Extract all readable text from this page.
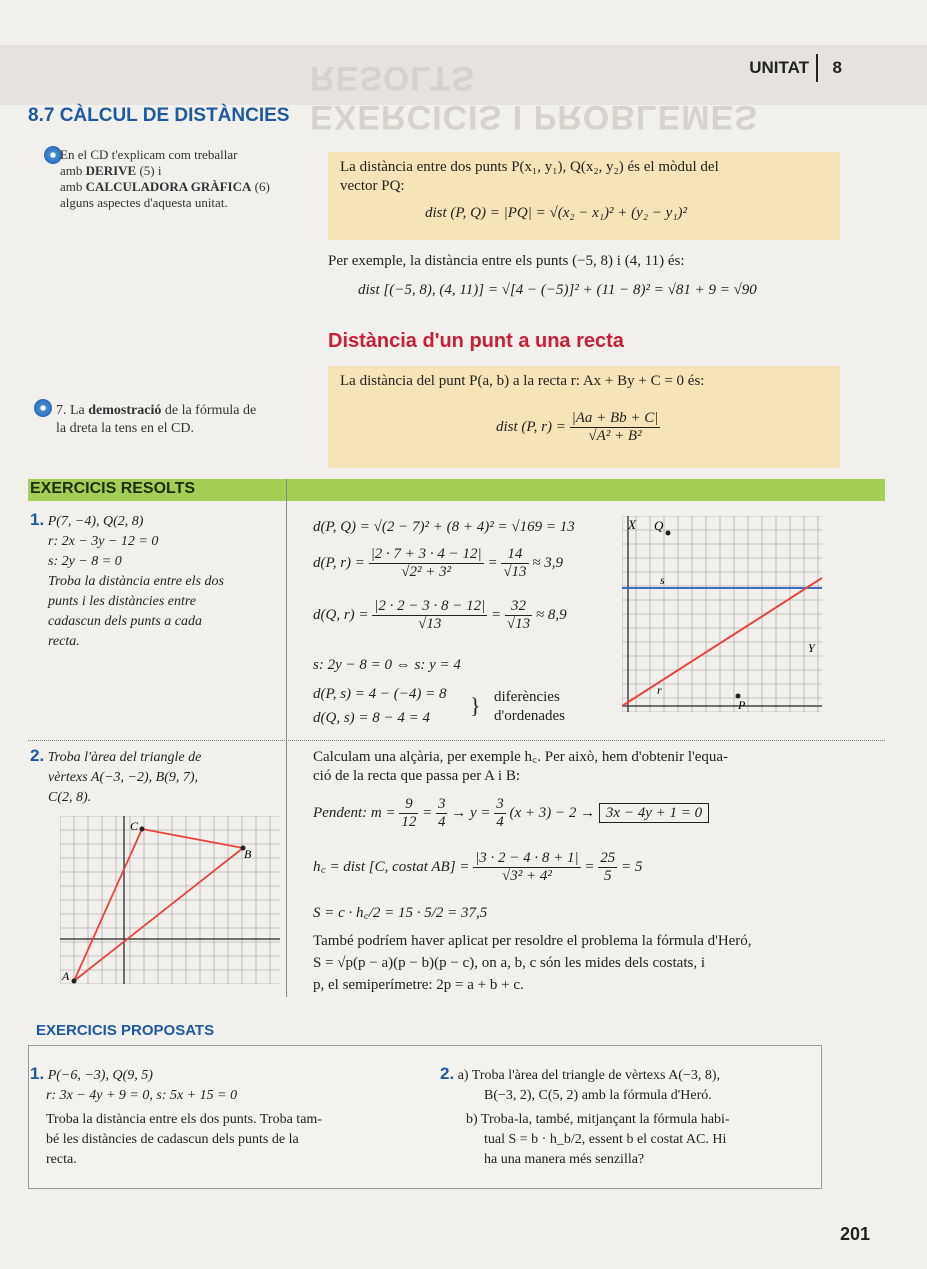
EXERCICIS I PROBLEMES RESOLTS	UNITAT 8
8.7 CÀLCUL DE DISTÀNCIES
En el CD t'explicam com treballar
amb DERIVE (5) i
amb CALCULADORA GRÀFICA (6)
alguns aspectes d'aquesta unitat.
7. La demostració de la fórmula de
la dreta la tens en el CD.
La distància entre dos punts P(x₁, y₁), Q(x₂, y₂) és el mòdul del
vector PQ:
dist (P, Q) = |PQ| = √(x₂ − x₁)² + (y₂ − y₁)²
Per exemple, la distància entre els punts (−5, 8) i (4, 11) és:
dist [(−5, 8), (4, 11)] = √[4 − (−5)]² + (11 − 8)² = √81 + 9 = √90
Distància d'un punt a una recta
La distància del punt P(a, b) a la recta r: Ax + By + C = 0 és:
dist (P, $r) = \frac{|Aa + Bb + C|}{\text{√A² + B²}}$
EXERCICIS RESOLTS
1. P(7, −4), Q(2, 8)
r: 2x − 3y − 12 = 0
s: 2y − 8 = 0
Troba la distància entre els dos
punts i les distàncies entre
cadascun dels punts a cada
recta.
d(P, Q) = √(2 − 7)² + (8 + 4)² = √169 = 13
d(P, $r) = \frac{|2 \cdot 7 + 3 \cdot 4 - 12|}{\text{√2² + 3²}} = \frac{14}{√13} \approx 3,9$
d(Q, $r) = \frac{|2 \cdot 2 - 3 \cdot 8 - 12|}{√13} = \frac{32}{√13} \approx 8,9$
s: 2y − 8 = 0 ⇔ s: y = 4
d(P, s) = 4 − (−4) = 8
d(Q, s) = 8 − 4 = 4 } diferències
d'ordenades
X Q
Y
s
r
P
2. Troba l'àrea del triangle de
vèrtexs A(−3, −2), B(9, 7),
C(2, 8).
A
B
C
Calculam una alçària, per exemple h꜀. Per això, hem d'obtenir l'equa-
ció de la recta que passa per A i B:
Pendent: $m = \frac{9}{12} = \frac{3}{4} \to y = \frac{3}{4} (x + 3) - 2 \to 3x - 4y + 1 = 0$
h꜀ = dist [C, costat $AB] = \frac{|3 \cdot 2 - 4 \cdot 8 + 1|}{\text{√3² + 4²}} = \frac{25}{5} = 5$
S = c · h꜀/2 = 15 · 5/2 = 37,5
També podríem haver aplicat per resoldre el problema la fórmula d'Heró,
S = √p(p − a)(p − b)(p − c), on a, b, c són les mides dels costats, i
p, el semiperímetre: 2p = a + b + c.
EXERCICIS PROPOSATS
1. P(−6, −3), Q(9, 5)
r: 3x − 4y + 9 = 0, s: 5x + 15 = 0
Troba la distància entre els dos punts. Troba tam-
bé les distàncies de cadascun dels punts de la
recta.
2. a) Troba l'àrea del triangle de vèrtexs A(−3, 8),
B(−3, 2), C(5, 2) amb la fórmula d'Heró.
b) Troba-la, també, mitjançant la fórmula habi-
tual S = b · h_b/2, essent b el costat AC. Hi
ha una manera més senzilla?
201
